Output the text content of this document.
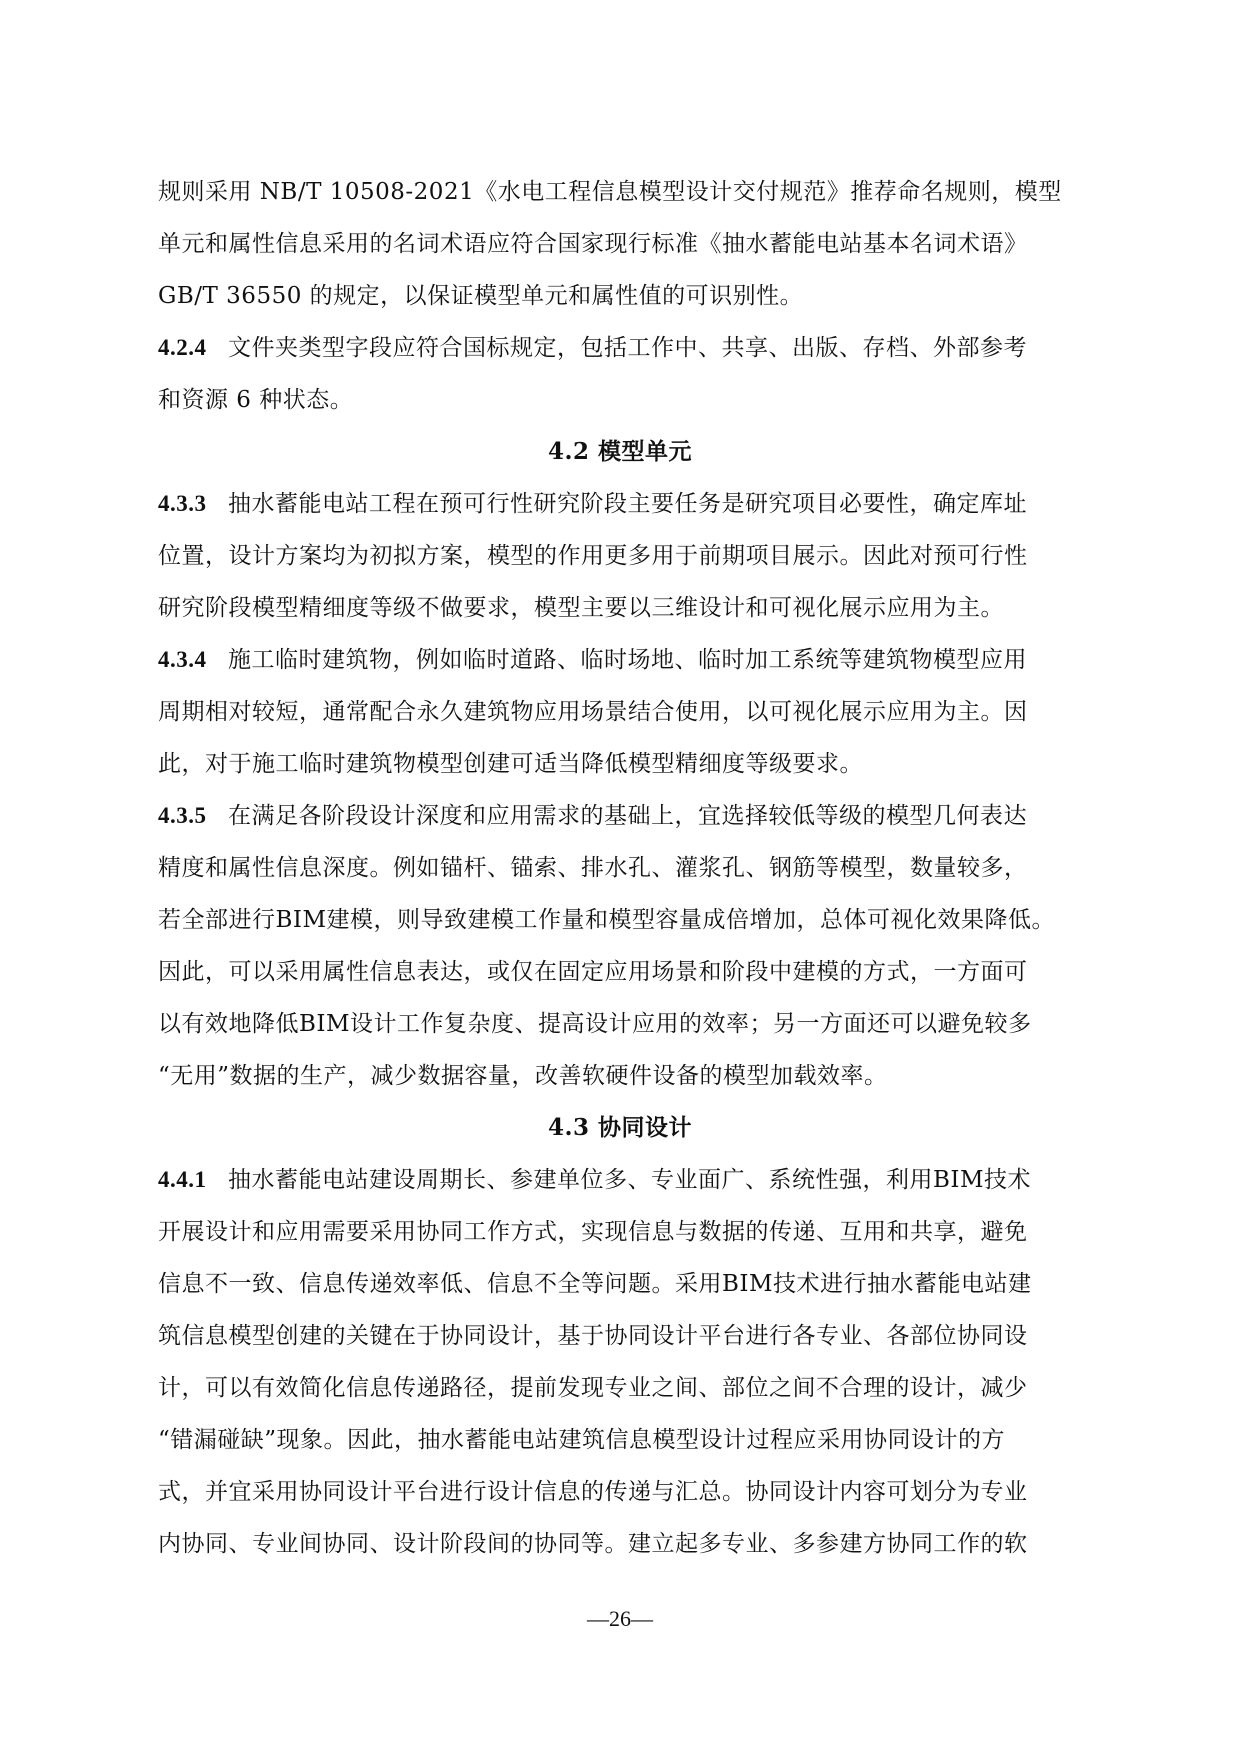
规则采用 NB/T 10508-2021《水电工程信息模型设计交付规范》推荐命名规则，模型
单元和属性信息采用的名词术语应符合国家现行标准《抽水蓄能电站基本名词术语》
GB/T 36550 的规定，以保证模型单元和属性值的可识别性。
4.2.4 文件夹类型字段应符合国标规定，包括工作中、共享、出版、存档、外部参考
和资源 6 种状态。
4.2 模型单元
4.3.3 抽水蓄能电站工程在预可行性研究阶段主要任务是研究项目必要性，确定库址
位置，设计方案均为初拟方案，模型的作用更多用于前期项目展示。因此对预可行性
研究阶段模型精细度等级不做要求，模型主要以三维设计和可视化展示应用为主。
4.3.4 施工临时建筑物，例如临时道路、临时场地、临时加工系统等建筑物模型应用
周期相对较短，通常配合永久建筑物应用场景结合使用，以可视化展示应用为主。因
此，对于施工临时建筑物模型创建可适当降低模型精细度等级要求。
4.3.5 在满足各阶段设计深度和应用需求的基础上，宜选择较低等级的模型几何表达
精度和属性信息深度。例如锚杆、锚索、排水孔、灌浆孔、钢筋等模型，数量较多，
若全部进行BIM建模，则导致建模工作量和模型容量成倍增加，总体可视化效果降低。
因此，可以采用属性信息表达，或仅在固定应用场景和阶段中建模的方式，一方面可
以有效地降低BIM设计工作复杂度、提高设计应用的效率；另一方面还可以避免较多
“无用”数据的生产，减少数据容量，改善软硬件设备的模型加载效率。
4.3 协同设计
4.4.1 抽水蓄能电站建设周期长、参建单位多、专业面广、系统性强，利用BIM技术
开展设计和应用需要采用协同工作方式，实现信息与数据的传递、互用和共享，避免
信息不一致、信息传递效率低、信息不全等问题。采用BIM技术进行抽水蓄能电站建
筑信息模型创建的关键在于协同设计，基于协同设计平台进行各专业、各部位协同设
计，可以有效简化信息传递路径，提前发现专业之间、部位之间不合理的设计，减少
“错漏碰缺”现象。因此，抽水蓄能电站建筑信息模型设计过程应采用协同设计的方
式，并宜采用协同设计平台进行设计信息的传递与汇总。协同设计内容可划分为专业
内协同、专业间协同、设计阶段间的协同等。建立起多专业、多参建方协同工作的软
—26—
